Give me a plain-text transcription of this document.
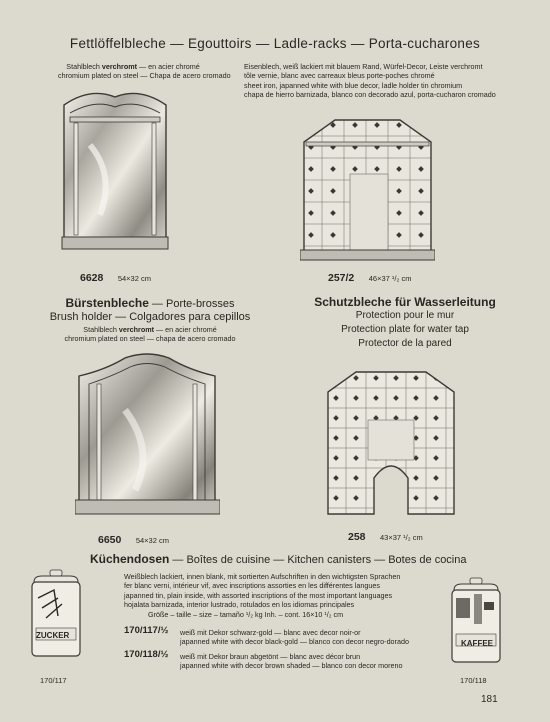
Fettlöffelbleche — Egouttoirs — Ladle-racks — Porta-cucharones
Stahlblech verchromt — en acier chromé
chromium plated on steel — Chapa de acero cromado
6628 54×32 cm
Eisenblech, weiß lackiert mit blauem Rand, Würfel-Decor, Leiste verchromt
tôle vernie, blanc avec carreaux bleus porte-poches chromé
sheet iron, japanned white with blue decor, ladle holder tin chromium
chapa de hierro barnizada, blanco con decorado azul, porta-cucharon cromado
257/2 46×37 ¹/₂ cm
Bürstenbleche — Porte-brosses
Brush holder — Colgadores para cepillos
Stahlblech verchromt — en acier chromé
chromium plated on steel — chapa de acero cromado
6650 54×32 cm
Schutzbleche für Wasserleitung
Protection pour le mur
Protection plate for water tap
Protector de la pared
258 43×37 ¹/₂ cm
Küchendosen — Boîtes de cuisine — Kitchen canisters — Botes de cocina
Weißblech lackiert, innen blank, mit sortierten Aufschriften in den wichtigsten Sprachen
fer blanc verni, intérieur vif, avec inscriptions assorties en les différentes langues
japanned tin, plain inside, with assorted inscriptions of the most important languages
hojalata barnizada, interior lustrado, rotulados en los idiomas principales
Größe – taille – size – tamaño ¹/₂ kg Inh. – cont. 16×10 ¹/₂ cm
170/117/½ weiß mit Dekor schwarz-gold — blanc avec decor noir-or
japanned white with decor black-gold — blanco con decor negro-dorado
170/118/½ weiß mit Dekor braun abgetönt — blanc avec décor brun
japanned white with decor brown shaded — blanco con decor moreno
ZUCKER
170/117
KAFFEE
170/118
181
